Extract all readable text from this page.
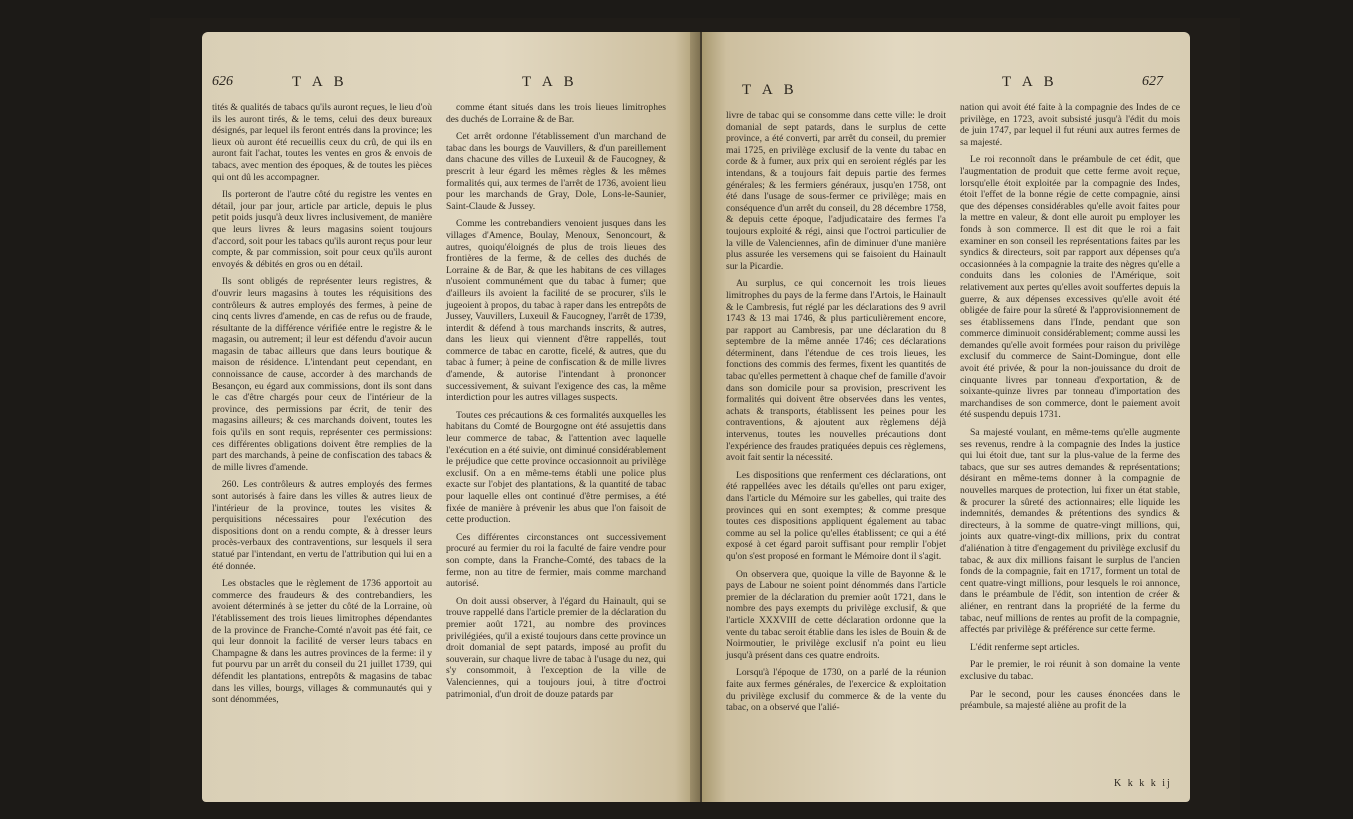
626	T A B	T A B

tités & qualités de tabacs qu'ils auront reçues, le lieu d'où ils les auront tirés, & le tems, celui des deux bureaux désignés, par lequel ils feront entrés dans la province; les lieux où auront été recueillis ceux du crû, de qui ils en auront fait l'achat, toutes les ventes en gros & envois de tabacs, avec mention des époques, & de toutes les pièces qui ont dû les accompagner.

Ils porteront de l'autre côté du registre les ventes en détail, jour par jour, article par article, depuis le plus petit poids jusqu'à deux livres inclusivement, de manière que leurs livres & leurs magasins soient toujours d'accord, soit pour les tabacs qu'ils auront reçus pour leur compte, & par commission, soit pour ceux qu'ils auront envoyés & débités en gros ou en détail.

Ils sont obligés de représenter leurs registres, & d'ouvrir leurs magasins à toutes les réquisitions des contrôleurs & autres employés des fermes, à peine de cinq cents livres d'amende, en cas de refus ou de fraude, résultante de la différence vérifiée entre le registre & le magasin, ou autrement; il leur est défendu d'avoir aucun magasin de tabac ailleurs que dans leurs boutique & maison de résidence. L'intendant peut cependant, en connoissance de cause, accorder à des marchands de Besançon, eu égard aux commissions, dont ils sont dans le cas d'être chargés pour ceux de l'intérieur de la province, des permissions par écrit, de tenir des magasins ailleurs; & ces marchands doivent, toutes les fois qu'ils en sont requis, représenter ces permissions: ces différentes obligations doivent être remplies de la part des marchands, à peine de confiscation des tabacs & de mille livres d'amende.

260. Les contrôleurs & autres employés des fermes sont autorisés à faire dans les villes & autres lieux de l'intérieur de la province, toutes les visites & perquisitions nécessaires pour l'exécution des dispositions dont on a rendu compte, & à dresser leurs procès-verbaux des contraventions, sur lesquels il sera statué par l'intendant, en vertu de l'attribution qui lui en a été donnée.

Les obstacles que le règlement de 1736 apportoit au commerce des fraudeurs & des contrebandiers, les avoient déterminés à se jetter du côté de la Lorraine, où l'établissement des trois lieues limitrophes dépendantes de la province de Franche-Comté n'avoit pas été fait, ce qui leur donnoit la facilité de verser leurs tabacs en Champagne & dans les autres provinces de la ferme: il y fut pourvu par un arrêt du conseil du 21 juillet 1739, qui défendit les plantations, entrepôts & magasins de tabac dans les villes, bourgs, villages & communautés qui y sont dénommées,

comme étant situés dans les trois lieues limitrophes des duchés de Lorraine & de Bar.

Cet arrêt ordonne l'établissement d'un marchand de tabac dans les bourgs de Vauvillers, & d'un pareillement dans chacune des villes de Luxeuil & de Faucogney, & prescrit à leur égard les mêmes règles & les mêmes formalités qui, aux termes de l'arrêt de 1736, avoient lieu pour les marchands de Gray, Dole, Lons-le-Saunier, Saint-Claude & Jussey.

Comme les contrebandiers venoient jusques dans les villages d'Amence, Boulay, Menoux, Senoncourt, & autres, quoiqu'éloignés de plus de trois lieues des frontières de la ferme, & de celles des duchés de Lorraine & de Bar, & que les habitans de ces villages n'usoient communément que du tabac à fumer; que d'ailleurs ils avoient la facilité de se procurer, s'ils le jugeoient à propos, du tabac à raper dans les entrepôts de Jussey, Vauvillers, Luxeuil & Faucogney, l'arrêt de 1739, interdit & défend à tous marchands inscrits, & autres, dans les lieux qui viennent d'être rappellés, tout commerce de tabac en carotte, ficelé, & autres, que du tabac à fumer; à peine de confiscation & de mille livres d'amende, & autorise l'intendant à prononcer successivement, & suivant l'exigence des cas, la même interdiction pour les autres villages suspects.

Toutes ces précautions & ces formalités auxquelles les habitans du Comté de Bourgogne ont été assujettis dans leur commerce de tabac, & l'attention avec laquelle l'exécution en a été suivie, ont diminué considérablement le préjudice que cette province occasionnoit au privilège exclusif. On a en même-tems établi une police plus exacte sur l'objet des plantations, & la quantité de tabac pour laquelle elles ont continué d'être permises, a été fixée de manière à prévenir les abus que l'on faisoit de cette production.

Ces différentes circonstances ont successivement procuré au fermier du roi la faculté de faire vendre pour son compte, dans la Franche-Comté, des tabacs de la ferme, non au titre de fermier, mais comme marchand autorisé.

On doit aussi observer, à l'égard du Hainault, qui se trouve rappellé dans l'article premier de la déclaration du premier août 1721, au nombre des provinces privilégiées, qu'il a existé toujours dans cette province un droit domanial de sept patards, imposé au profit du souverain, sur chaque livre de tabac à l'usage du nez, qui s'y consommoit, à l'exception de la ville de Valenciennes, qui a toujours joui, à titre d'octroi patrimonial, d'un droit de douze patards par

T A B	T A B	627

livre de tabac qui se consomme dans cette ville: le droit domanial de sept patards, dans le surplus de cette province, a été converti, par arrêt du conseil, du premier mai 1725, en privilège exclusif de la vente du tabac en corde & à fumer, aux prix qui en seroient réglés par les intendans, & a toujours fait depuis partie des fermes générales; & les fermiers généraux, jusqu'en 1758, ont été dans l'usage de sous-fermer ce privilège; mais en conséquence d'un arrêt du conseil, du 28 décembre 1758, & depuis cette époque, l'adjudicataire des fermes l'a toujours exploité & régi, ainsi que l'octroi particulier de la ville de Valenciennes, afin de diminuer d'une manière plus assurée les versemens qui se faisoient du Hainault sur la Picardie.

Au surplus, ce qui concernoit les trois lieues limitrophes du pays de la ferme dans l'Artois, le Hainault & le Cambresis, fut réglé par les déclarations des 9 avril 1743 & 13 mai 1746, & plus particulièrement encore, par rapport au Cambresis, par une déclaration du 8 septembre de la même année 1746; ces déclarations déterminent, dans l'étendue de ces trois lieues, les fonctions des commis des fermes, fixent les quantités de tabac qu'elles permettent à chaque chef de famille d'avoir dans son domicile pour sa provision, prescrivent les formalités qui doivent être observées dans les ventes, achats & transports, établissent les peines pour les contraventions, & ajoutent aux règlemens déjà intervenus, toutes les nouvelles précautions dont l'expérience des fraudes pratiquées depuis ces règlemens, avoit fait sentir la nécessité.

Les dispositions que renferment ces déclarations, ont été rappellées avec les détails qu'elles ont paru exiger, dans l'article du Mémoire sur les gabelles, qui traite des provinces qui en sont exemptes; & comme presque toutes ces dispositions appliquent également au tabac comme au sel la police qu'elles établissent; ce qui a été exposé à cet égard paroit suffisant pour remplir l'objet qu'on s'est proposé en formant le Mémoire dont il s'agit.

On observera que, quoique la ville de Bayonne & le pays de Labour ne soient point dénommés dans l'article premier de la déclaration du premier août 1721, dans le nombre des pays exempts du privilège exclusif, & que l'article XXXVIII de cette déclaration ordonne que la vente du tabac seroit établie dans les isles de Bouin & de Noirmoutier, le privilège exclusif n'a point eu lieu jusqu'à présent dans ces quatre endroits.

Lorsqu'à l'époque de 1730, on a parlé de la réunion faite aux fermes générales, de l'exercice & exploitation du privilège exclusif du commerce & de la vente du tabac, on a observé que l'alié-

nation qui avoit été faite à la compagnie des Indes de ce privilège, en 1723, avoit subsisté jusqu'à l'édit du mois de juin 1747, par lequel il fut réuni aux autres fermes de sa majesté.

Le roi reconnoît dans le préambule de cet édit, que l'augmentation de produit que cette ferme avoit reçue, lorsqu'elle étoit exploitée par la compagnie des Indes, étoit l'effet de la bonne régie de cette compagnie, ainsi que des dépenses considérables qu'elle avoit faites pour la mettre en valeur, & dont elle auroit pu employer les fonds à son commerce. Il est dit que le roi a fait examiner en son conseil les représentations faites par les syndics & directeurs, soit par rapport aux dépenses qu'a occasionnées à la compagnie la traite des nègres qu'elle a conduits dans les colonies de l'Amérique, soit relativement aux pertes qu'elles avoit souffertes depuis la guerre, & aux dépenses excessives qu'elle avoit été obligée de faire pour la sûreté & l'approvisionnement de ses établissemens dans l'Inde, pendant que son commerce diminuoit considérablement; comme aussi les demandes qu'elle avoit formées pour raison du privilège exclusif du commerce de Saint-Domingue, dont elle avoit été privée, & pour la non-jouissance du droit de cinquante livres par tonneau d'exportation, & de soixante-quinze livres par tonneau d'importation des marchandises de son commerce, dont le paiement avoit été suspendu depuis 1731.

Sa majesté voulant, en même-tems qu'elle augmente ses revenus, rendre à la compagnie des Indes la justice qui lui étoit due, tant sur la plus-value de la ferme des tabacs, que sur ses autres demandes & représentations; désirant en même-tems donner à la compagnie de nouvelles marques de protection, lui fixer un état stable, & procurer la sûreté des actionnaires; elle liquide les indemnités, demandes & prétentions des syndics & directeurs, à la somme de quatre-vingt millions, qui, joints aux quatre-vingt-dix millions, prix du contrat d'aliénation à titre d'engagement du privilège exclusif du tabac, & aux dix millions faisant le surplus de l'ancien fonds de la compagnie, fait en 1717, forment un total de cent quatre-vingt millions, pour lesquels le roi annonce, dans le préambule de l'édit, son intention de créer & aliéner, en rentrant dans la propriété de la ferme du tabac, neuf millions de rentes au profit de la compagnie, affectés par privilège & préférence sur cette ferme.

L'édit renferme sept articles.

Par le premier, le roi réunit à son domaine la vente exclusive du tabac.

Par le second, pour les causes énoncées dans le préambule, sa majesté aliène au profit de la

K k k k ij
